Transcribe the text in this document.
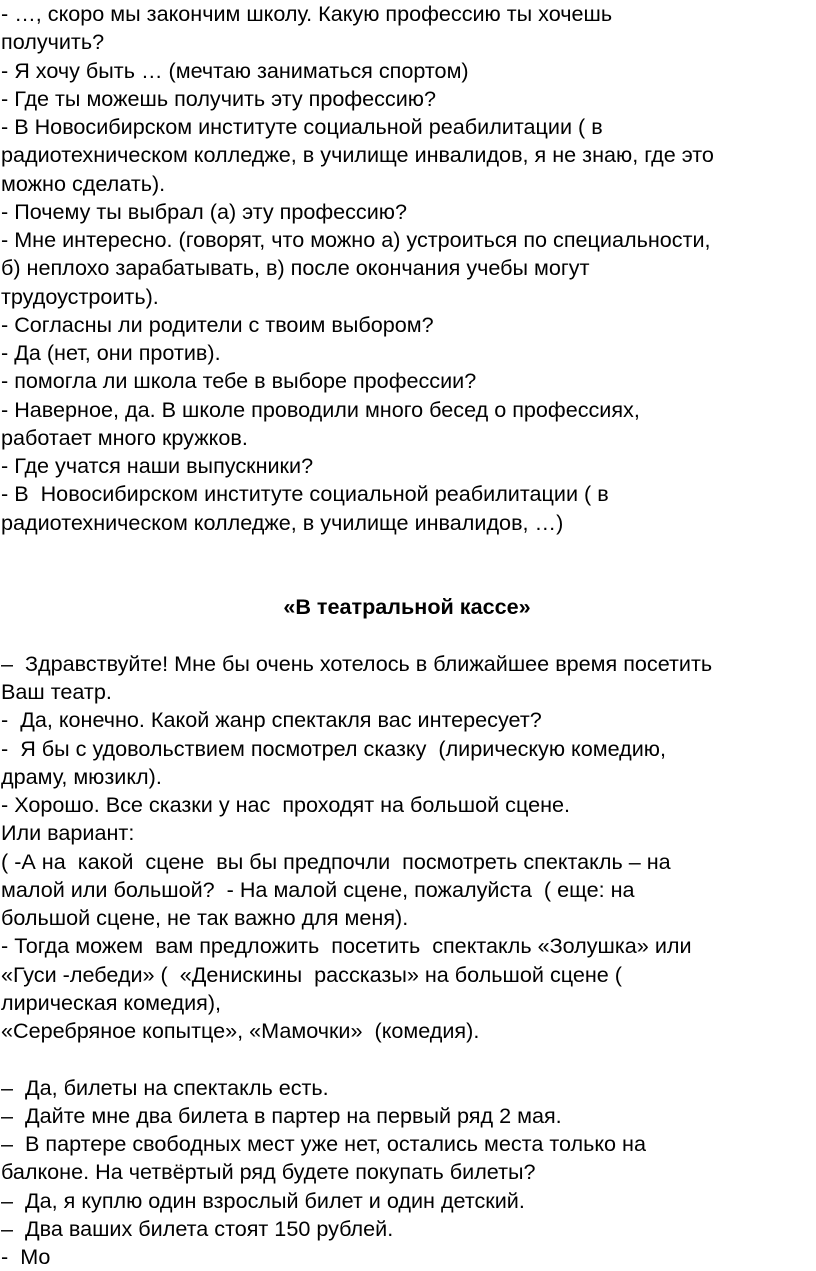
- …, скоро мы закончим школу. Какую профессию ты хочешь
получить?
- Я хочу быть … (мечтаю заниматься спортом)
- Где ты можешь получить эту профессию?
- В Новосибирском институте социальной реабилитации ( в
радиотехническом колледже, в училище инвалидов, я не знаю, где это
можно сделать).
- Почему ты выбрал (а) эту профессию?
- Мне интересно. (говорят, что можно а) устроиться по специальности,
б) неплохо зарабатывать, в) после окончания учебы могут
трудоустроить).
- Согласны ли родители с твоим выбором?
- Да (нет, они против).
- помогла ли школа тебе в выборе профессии?
- Наверное, да. В школе проводили много бесед о профессиях,
работает много кружков.
- Где учатся наши выпускники?
- В  Новосибирском институте социальной реабилитации ( в
радиотехническом колледже, в училище инвалидов, …)
«В театральной кассе»
–  Здравствуйте! Мне бы очень хотелось в ближайшее время посетить
Ваш театр.
-  Да, конечно. Какой жанр спектакля вас интересует?
-  Я бы с удовольствием посмотрел сказку  (лирическую комедию,
драму, мюзикл).
- Хорошо. Все сказки у нас  проходят на большой сцене.
Или вариант:
( -А на  какой  сцене  вы бы предпочли  посмотреть спектакль – на
малой или большой?  - На малой сцене, пожалуйста  ( еще: на
большой сцене, не так важно для меня).
- Тогда можем  вам предложить  посетить  спектакль «Золушка» или
«Гуси -лебеди» (  «Денискины  рассказы» на большой сцене (
лирическая комедия),
«Серебряное копытце», «Мамочки»  (комедия).
–  Да, билеты на спектакль есть.
–  Дайте мне два билета в партер на первый ряд 2 мая.
–  В партере свободных мест уже нет, остались места только на
балконе. На четвёртый ряд будете покупать билеты?
–  Да, я куплю один взрослый билет и один детский.
–  Два ваших билета стоят 150 рублей.
-  Мо
